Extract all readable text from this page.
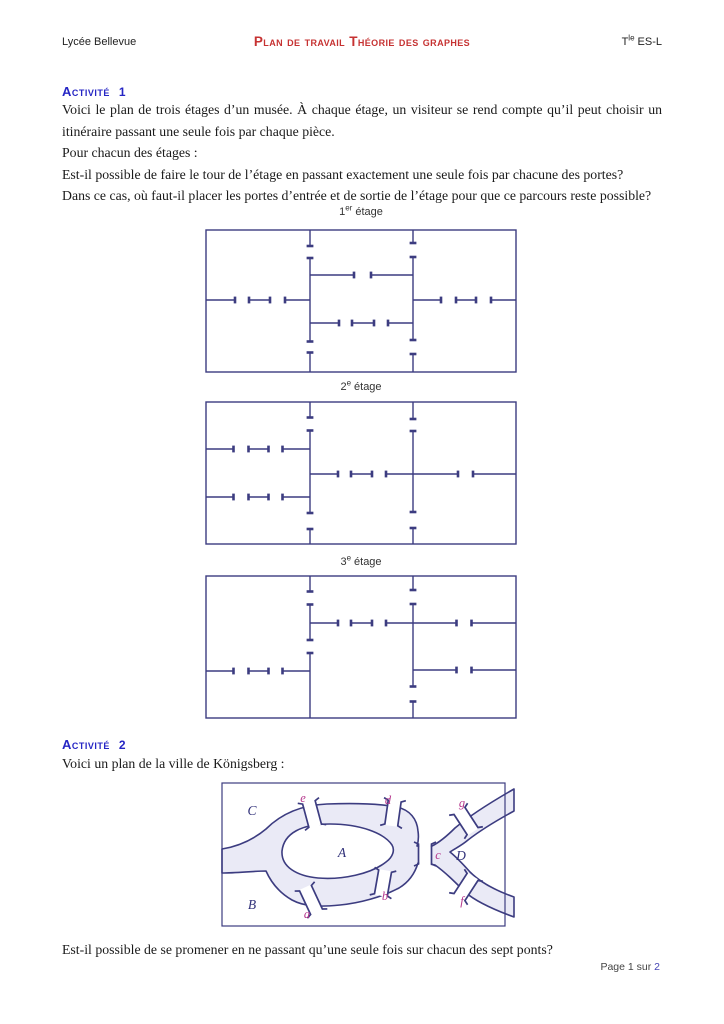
Lycée Bellevue	Plan de travail Théorie des graphes	$T^{le}$ ES-L
Activité 1

Voici le plan de trois étages d’un musée. À chaque étage, un visiteur se rend compte qu’il peut choisir un itinéraire passant une seule fois par chaque pièce.

Pour chacun des étages :

Est-il possible de faire le tour de l’étage en passant exactement une seule fois par chacune des portes?

Dans ce cas, où faut-il placer les portes d’entrée et de sortie de l’étage pour que ce parcours reste possible?

1er étage
2e étage
3e étage
Activité 2

Voici un plan de la ville de Königsberg :

e	d	g
c
b
a
f
C
A	D
B

Est-il possible de se promener en ne passant qu’une seule fois sur chacun des sept ponts?

Page 1 sur 2
